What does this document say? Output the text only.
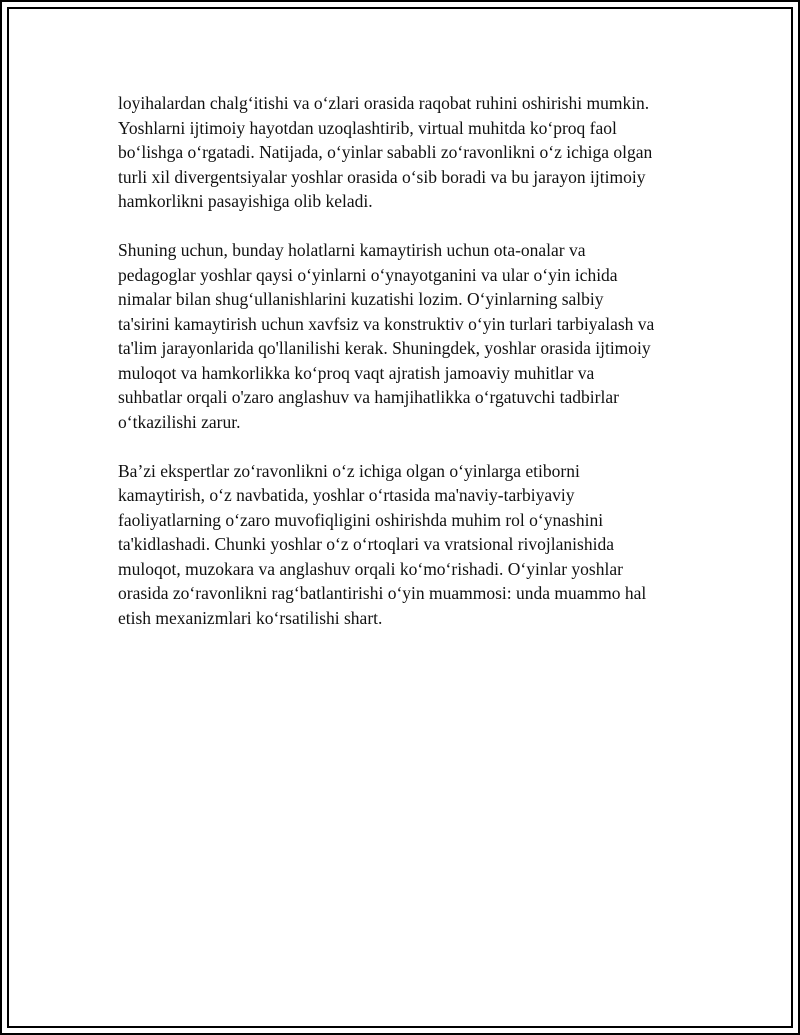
loyihalardan chalg‘itishi va o‘zlari orasida raqobat ruhini oshirishi mumkin.
Yoshlarni ijtimoiy hayotdan uzoqlashtirib, virtual muhitda ko‘proq faol
bo‘lishga o‘rgatadi. Natijada, o‘yinlar sababli zo‘ravonlikni o‘z ichiga olgan
turli xil divergentsiyalar yoshlar orasida o‘sib boradi va bu jarayon ijtimoiy
hamkorlikni pasayishiga olib keladi.

Shuning uchun, bunday holatlarni kamaytirish uchun ota-onalar va
pedagoglar yoshlar qaysi o‘yinlarni o‘ynayotganini va ular o‘yin ichida
nimalar bilan shug‘ullanishlarini kuzatishi lozim. O‘yinlarning salbiy
ta'sirini kamaytirish uchun xavfsiz va konstruktiv o‘yin turlari tarbiyalash va
ta'lim jarayonlarida qo'llanilishi kerak. Shuningdek, yoshlar orasida ijtimoiy
muloqot va hamkorlikka ko‘proq vaqt ajratish jamoaviy muhitlar va
suhbatlar orqali o'zaro anglashuv va hamjihatlikka o‘rgatuvchi tadbirlar
o‘tkazilishi zarur.

Ba’zi ekspertlar zo‘ravonlikni o‘z ichiga olgan o‘yinlarga etiborni
kamaytirish, o‘z navbatida, yoshlar o‘rtasida ma'naviy-tarbiyaviy
faoliyatlarning o‘zaro muvofiqligini oshirishda muhim rol o‘ynashini
ta'kidlashadi. Chunki yoshlar o‘z o‘rtoqlari va vratsional rivojlanishida
muloqot, muzokara va anglashuv orqali ko‘mo‘rishadi. O‘yinlar yoshlar
orasida zo‘ravonlikni rag‘batlantirishi o‘yin muammosi: unda muammo hal
etish mexanizmlari ko‘rsatilishi shart.
